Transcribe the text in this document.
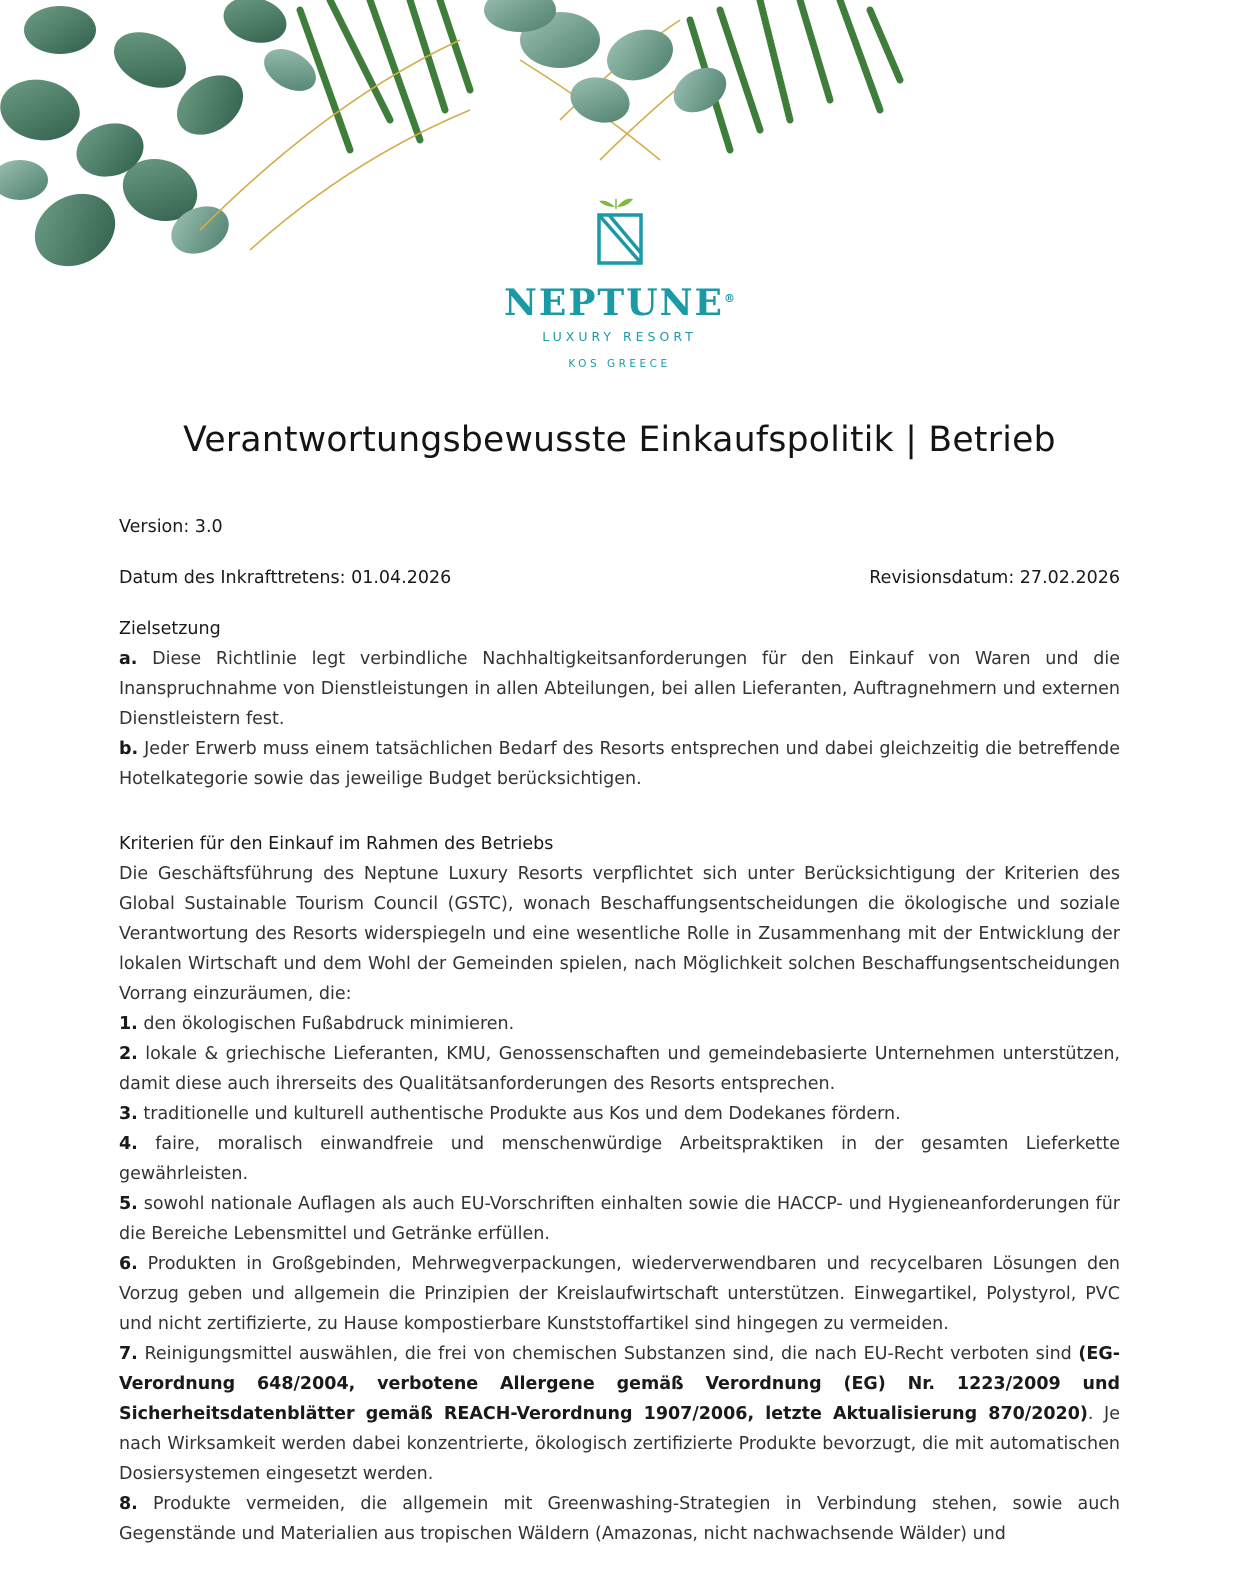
NEPTUNE®
LUXURY RESORT
KOS GREECE
Verantwortungsbewusste Einkaufspolitik | Betrieb
Version: 3.0
Datum des Inkrafttretens: 01.04.2026	Revisionsdatum: 27.02.2026
Zielsetzung

a. Diese Richtlinie legt verbindliche Nachhaltigkeitsanforderungen für den Einkauf von Waren und die Inanspruchnahme von Dienstleistungen in allen Abteilungen, bei allen Lieferanten, Auftragnehmern und externen Dienstleistern fest.

b. Jeder Erwerb muss einem tatsächlichen Bedarf des Resorts entsprechen und dabei gleichzeitig die betreffende Hotelkategorie sowie das jeweilige Budget berücksichtigen.

Kriterien für den Einkauf im Rahmen des Betriebs

Die Geschäftsführung des Neptune Luxury Resorts verpflichtet sich unter Berücksichtigung der Kriterien des Global Sustainable Tourism Council (GSTC), wonach Beschaffungsentscheidungen die ökologische und soziale Verantwortung des Resorts widerspiegeln und eine wesentliche Rolle in Zusammenhang mit der Entwicklung der lokalen Wirtschaft und dem Wohl der Gemeinden spielen, nach Möglichkeit solchen Beschaffungsentscheidungen Vorrang einzuräumen, die:

1. den ökologischen Fußabdruck minimieren.

2. lokale & griechische Lieferanten, KMU, Genossenschaften und gemeindebasierte Unternehmen unterstützen, damit diese auch ihrerseits des Qualitätsanforderungen des Resorts entsprechen.

3. traditionelle und kulturell authentische Produkte aus Kos und dem Dodekanes fördern.

4. faire, moralisch einwandfreie und menschenwürdige Arbeitspraktiken in der gesamten Lieferkette gewährleisten.

5. sowohl nationale Auflagen als auch EU-Vorschriften einhalten sowie die HACCP- und Hygieneanforderungen für die Bereiche Lebensmittel und Getränke erfüllen.

6. Produkten in Großgebinden, Mehrwegverpackungen, wiederverwendbaren und recycelbaren Lösungen den Vorzug geben und allgemein die Prinzipien der Kreislaufwirtschaft unterstützen. Einwegartikel, Polystyrol, PVC und nicht zertifizierte, zu Hause kompostierbare Kunststoffartikel sind hingegen zu vermeiden.

7. Reinigungsmittel auswählen, die frei von chemischen Substanzen sind, die nach EU-Recht verboten sind (EG-Verordnung 648/2004, verbotene Allergene gemäß Verordnung (EG) Nr. 1223/2009 und Sicherheitsdatenblätter gemäß REACH-Verordnung 1907/2006, letzte Aktualisierung 870/2020). Je nach Wirksamkeit werden dabei konzentrierte, ökologisch zertifizierte Produkte bevorzugt, die mit automatischen Dosiersystemen eingesetzt werden.

8. Produkte vermeiden, die allgemein mit Greenwashing-Strategien in Verbindung stehen, sowie auch Gegenstände und Materialien aus tropischen Wäldern (Amazonas, nicht nachwachsende Wälder) und
